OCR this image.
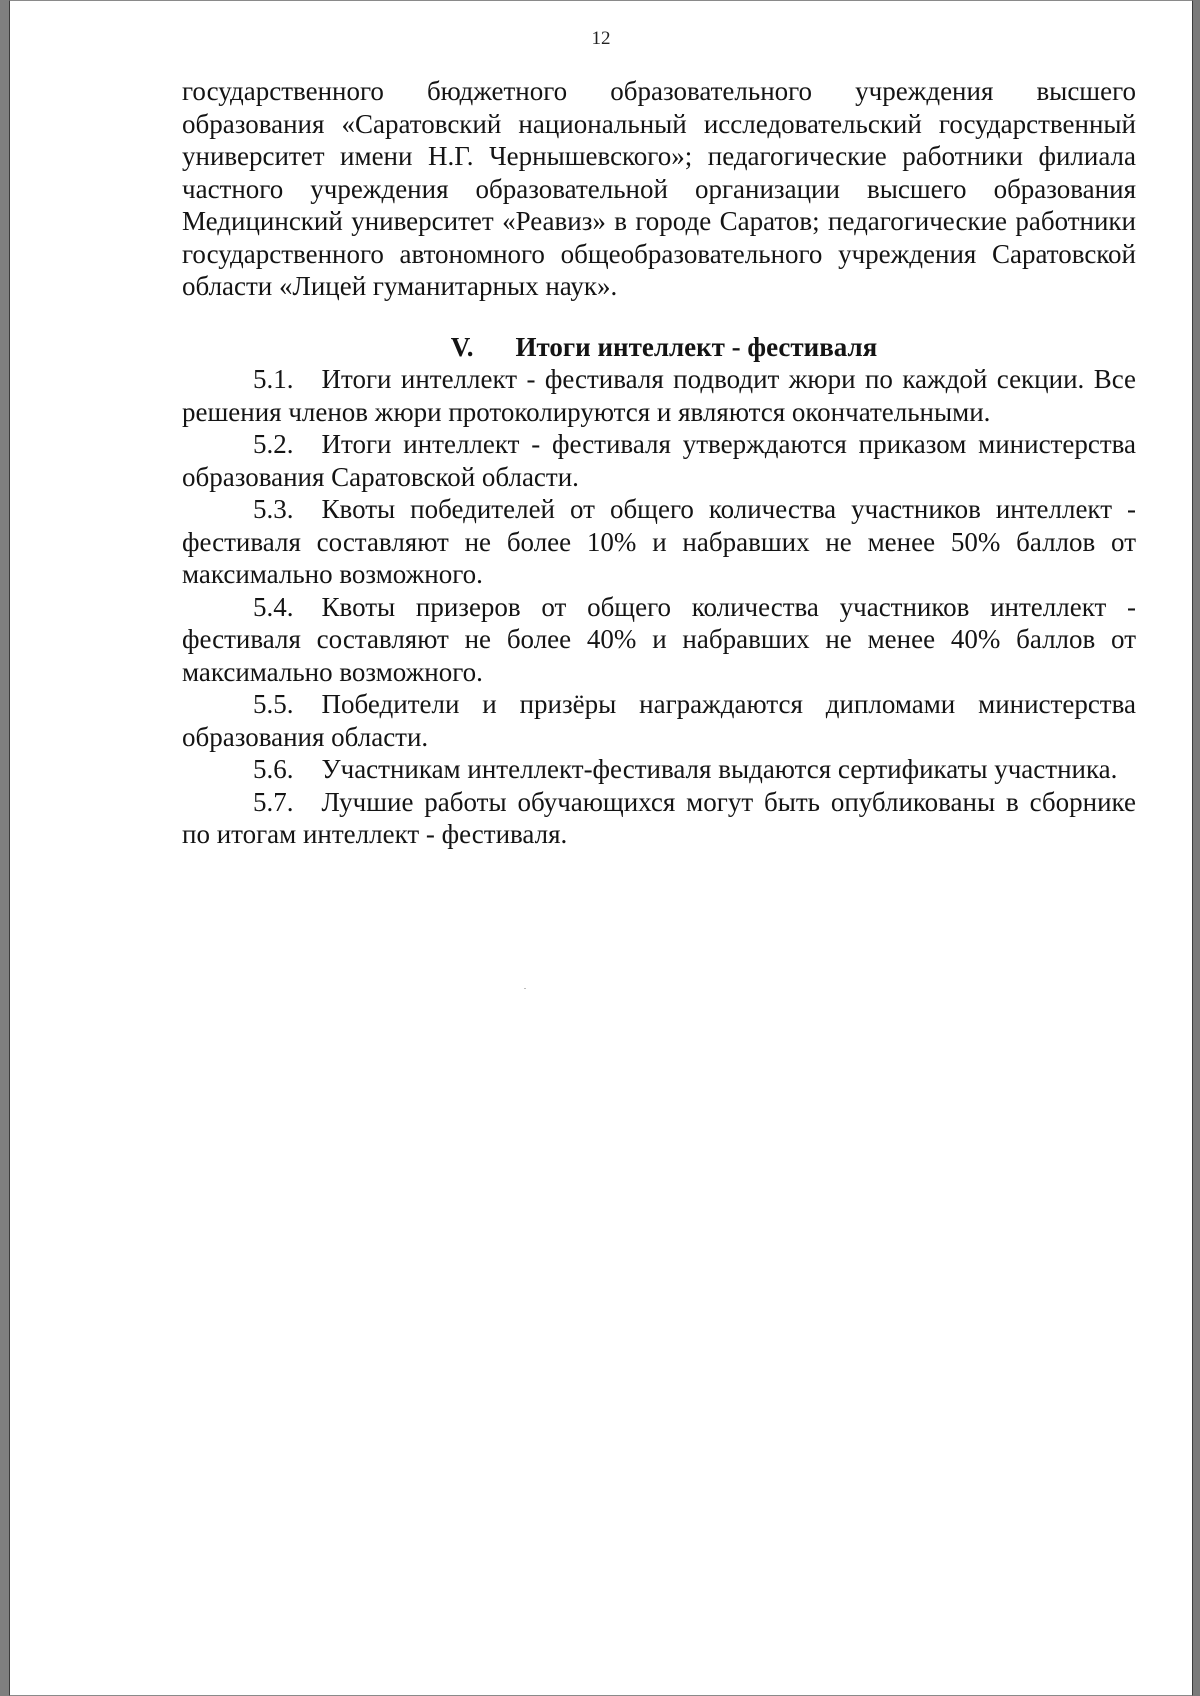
12

государственного бюджетного образовательного учреждения высшего образования «Саратовский национальный исследовательский государственный университет имени Н.Г. Чернышевского»; педагогические работники филиала частного учреждения образовательной организации высшего образования Медицинский университет «Реавиз» в городе Саратов; педагогические работники государственного автономного общеобразовательного учреждения Саратовской области «Лицей гуманитарных наук».

V. Итоги интеллект - фестиваля

5.1. Итоги интеллект - фестиваля подводит жюри по каждой секции. Все решения членов жюри протоколируются и являются окончательными.

5.2. Итоги интеллект - фестиваля утверждаются приказом министерства образования Саратовской области.

5.3. Квоты победителей от общего количества участников интеллект - фестиваля составляют не более 10% и набравших не менее 50% баллов от максимально возможного.

5.4. Квоты призеров от общего количества участников интеллект - фестиваля составляют не более 40% и набравших не менее 40% баллов от максимально возможного.

5.5. Победители и призёры награждаются дипломами министерства образования области.

5.6. Участникам интеллект-фестиваля выдаются сертификаты участника.

5.7. Лучшие работы обучающихся могут быть опубликованы в сборнике по итогам интеллект - фестиваля.
